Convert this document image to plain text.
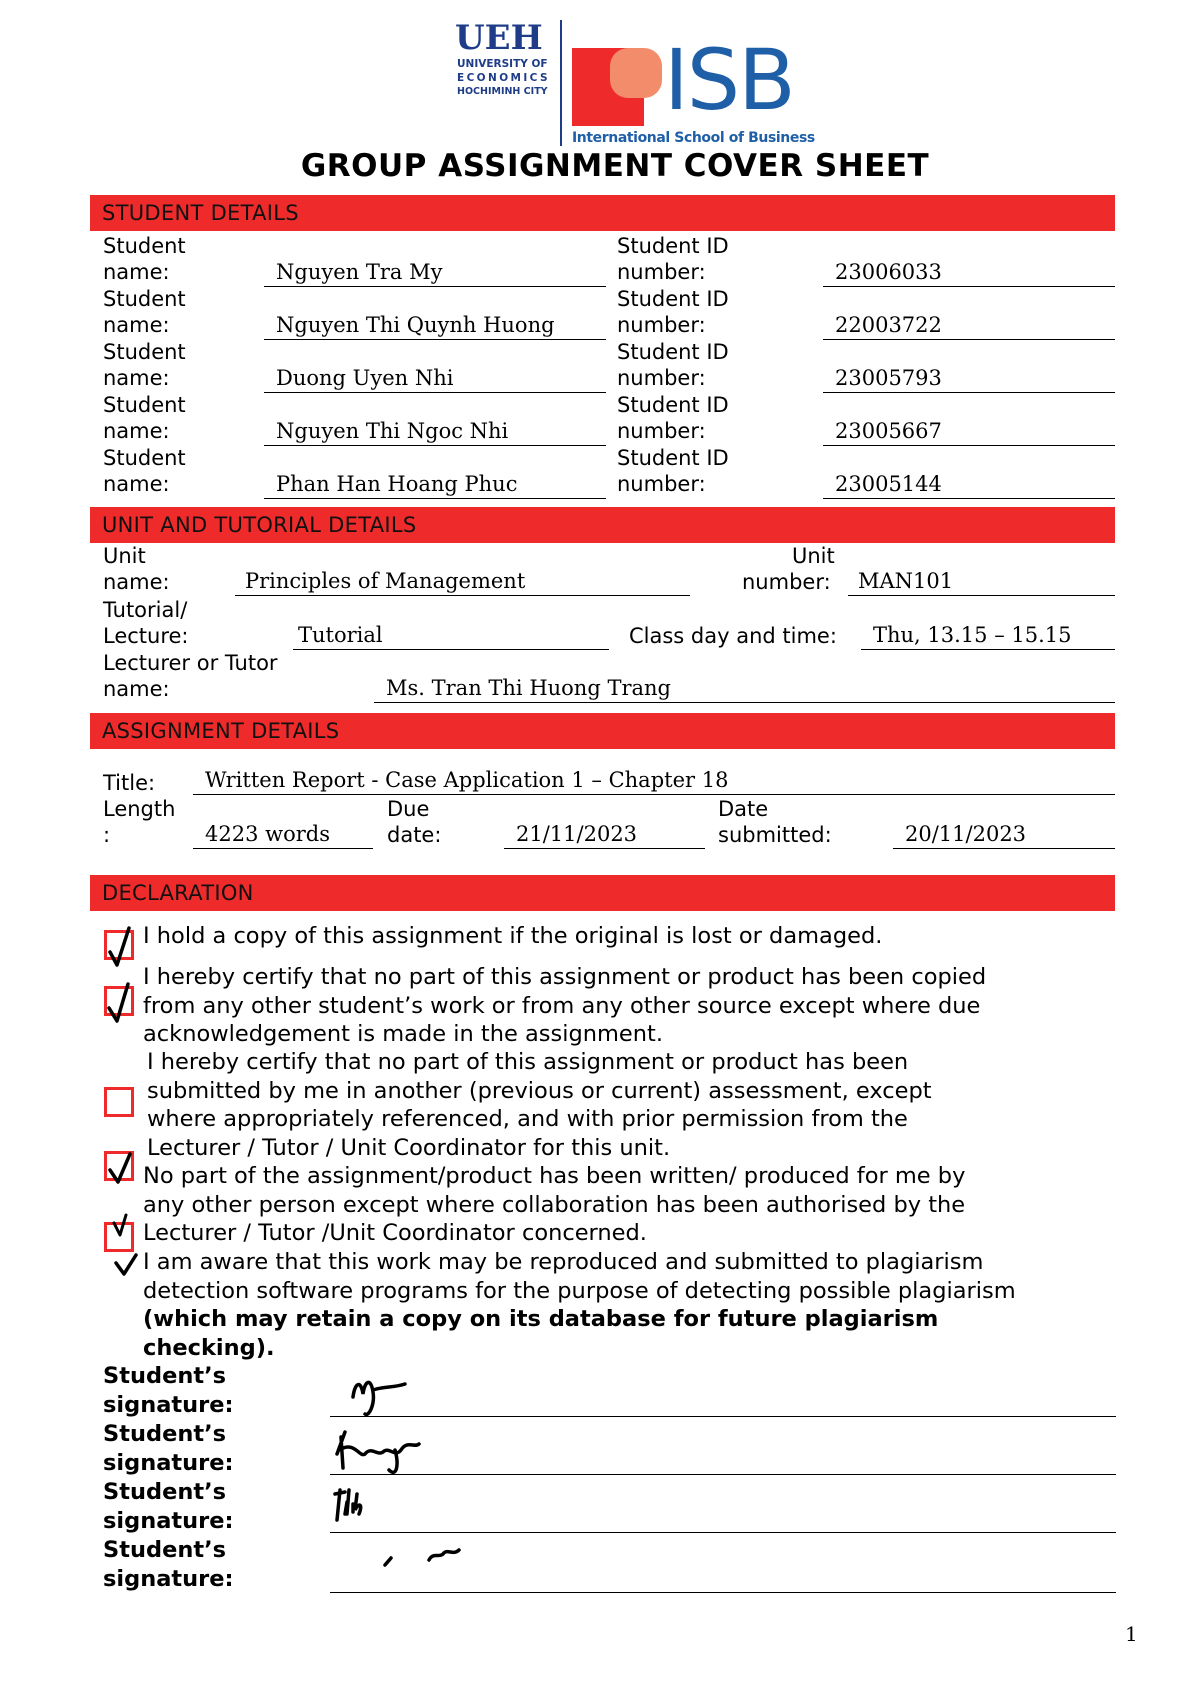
UEH
UNIVERSITY OF
ECONOMICS
HOCHIMINH CITY ISB
International School of Business
GROUP ASSIGNMENT COVER SHEET
STUDENT DETAILS
Student
name:	Nguyen Tra My
Student ID
number:	23006033
Student
name:	Nguyen Thi Quynh Huong
Student ID
number:	22003722
Student
name:	Duong Uyen Nhi
Student ID
number:	23005793
Student
name:	Nguyen Thi Ngoc Nhi
Student ID
number:	23005667
Student
name:	Phan Han Hoang Phuc
Student ID
number:	23005144
UNIT AND TUTORIAL DETAILS
Unit
name:	Principles of Management
Unit
number: MAN101
Tutorial/
Lecture:	Tutorial	Class day and time: Thu, 13.15 – 15.15
Lecturer or Tutor
name:	Ms. Tran Thi Huong Trang
ASSIGNMENT DETAILS
Title: Written Report - Case Application 1 – Chapter 18
Length
:	4223 words
Due
date:	21/11/2023
Date
submitted:	20/11/2023
DECLARATION
I hold a copy of this assignment if the original is lost or damaged.
I hereby certify that no part of this assignment or product has been copied
from any other student’s work or from any other source except where due
acknowledgement is made in the assignment.
I hereby certify that no part of this assignment or product has been
submitted by me in another (previous or current) assessment, except
where appropriately referenced, and with prior permission from the
Lecturer / Tutor / Unit Coordinator for this unit.
No part of the assignment/product has been written/ produced for me by
any other person except where collaboration has been authorised by the
Lecturer / Tutor /Unit Coordinator concerned.
I am aware that this work may be reproduced and submitted to plagiarism
detection software programs for the purpose of detecting possible plagiarism
(which may retain a copy on its database for future plagiarism
checking).
Student’s
signature:
Student’s
signature:
Student’s
signature:
Student’s
signature:
1
